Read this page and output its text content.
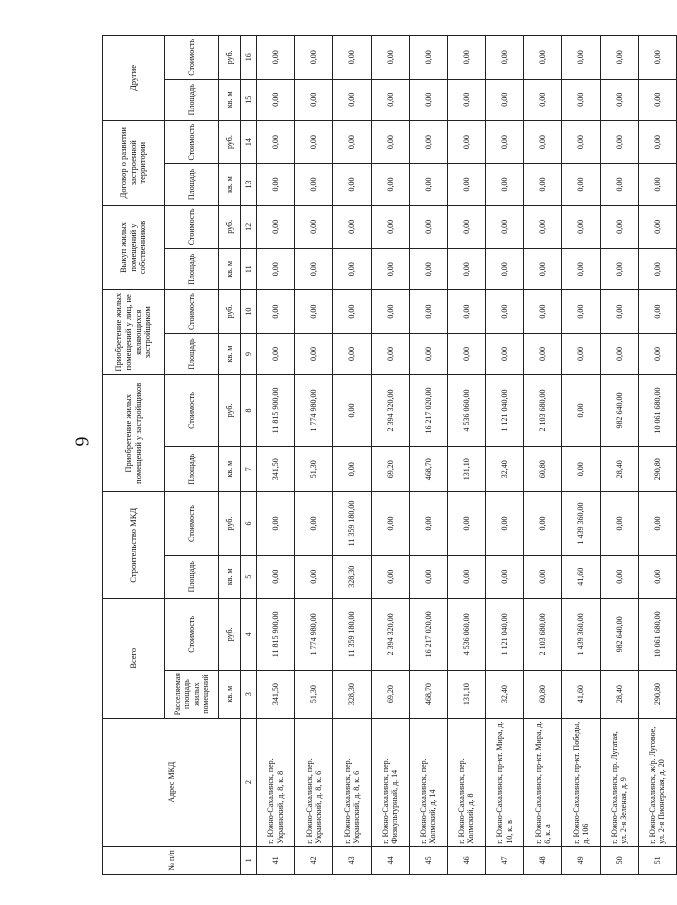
6
№ п/п	Адрес МКД	Всего		Строительство МКД		Приобретение жилых помещений у застройщиков		Приобретение жилых помещений у лиц, не являющихся застройщиком		Выкуп жилых помещений у собственников		Договор о развитии застроенной территории		Другие	
		Расселяемая площадь жилых помещений	Стоимость	Площадь	Стоимость	Площадь	Стоимость	Площадь	Стоимость	Площадь	Стоимость	Площадь	Стоимость	Площадь	Стоимость
		кв. м	руб.	кв. м	руб.	кв. м	руб.	кв. м	руб.	кв. м	руб.	кв. м	руб.	кв. м	руб.
1	2	3	4	5	6	7	8	9	10	11	12	13	14	15	16
41	г. Южно-Сахалинск, пер. Украинский, д. 8, к. 8	341,50	11 815 900,00	0,00	0,00	341,50	11 815 900,00	0,00	0,00	0,00	0,00	0,00	0,00	0,00	0,00
42	г. Южно-Сахалинск, пер. Украинский, д. 8, к. 6	51,30	1 774 980,00	0,00	0,00	51,30	1 774 980,00	0,00	0,00	0,00	0,00	0,00	0,00	0,00	0,00
43	г. Южно-Сахалинск, пер. Украинский, д. 8, к. 6	328,30	11 359 180,00	328,30	11 359 180,00	0,00	0,00	0,00	0,00	0,00	0,00	0,00	0,00	0,00	0,00
44	г. Южно-Сахалинск, пер. Физкультурный, д. 14	69,20	2 394 320,00	0,00	0,00	69,20	2 394 320,00	0,00	0,00	0,00	0,00	0,00	0,00	0,00	0,00
45	г. Южно-Сахалинск, пер. Холмский, д. 14	468,70	16 217 020,00	0,00	0,00	468,70	16 217 020,00	0,00	0,00	0,00	0,00	0,00	0,00	0,00	0,00
46	г. Южно-Сахалинск, пер. Холмский, д. 8	131,10	4 536 060,00	0,00	0,00	131,10	4 536 060,00	0,00	0,00	0,00	0,00	0,00	0,00	0,00	0,00
47	г. Южно-Сахалинск, пр-кт. Мира, д. 10, к. в	32,40	1 121 040,00	0,00	0,00	32,40	1 121 040,00	0,00	0,00	0,00	0,00	0,00	0,00	0,00	0,00
48	г. Южно-Сахалинск, пр-кт. Мира, д. 6, к. а	60,80	2 103 680,00	0,00	0,00	60,80	2 103 680,00	0,00	0,00	0,00	0,00	0,00	0,00	0,00	0,00
49	г. Южно-Сахалинск, пр-кт. Победы, д. 106	41,60	1 439 360,00	41,60	1 439 360,00	0,00	0,00	0,00	0,00	0,00	0,00	0,00	0,00	0,00	0,00
50	г. Южно-Сахалинск, пр. Лугатая, ул. 2-я Зеленая, д. 9	28,40	982 640,00	0,00	0,00	28,40	982 640,00	0,00	0,00	0,00	0,00	0,00	0,00	0,00	0,00
51	г. Южно-Сахалинск, ж/р. Луговое, ул. 2-я Пионерская, д. 20	290,80	10 061 680,00	0,00	0,00	290,80	10 061 680,00	0,00	0,00	0,00	0,00	0,00	0,00	0,00	0,00
